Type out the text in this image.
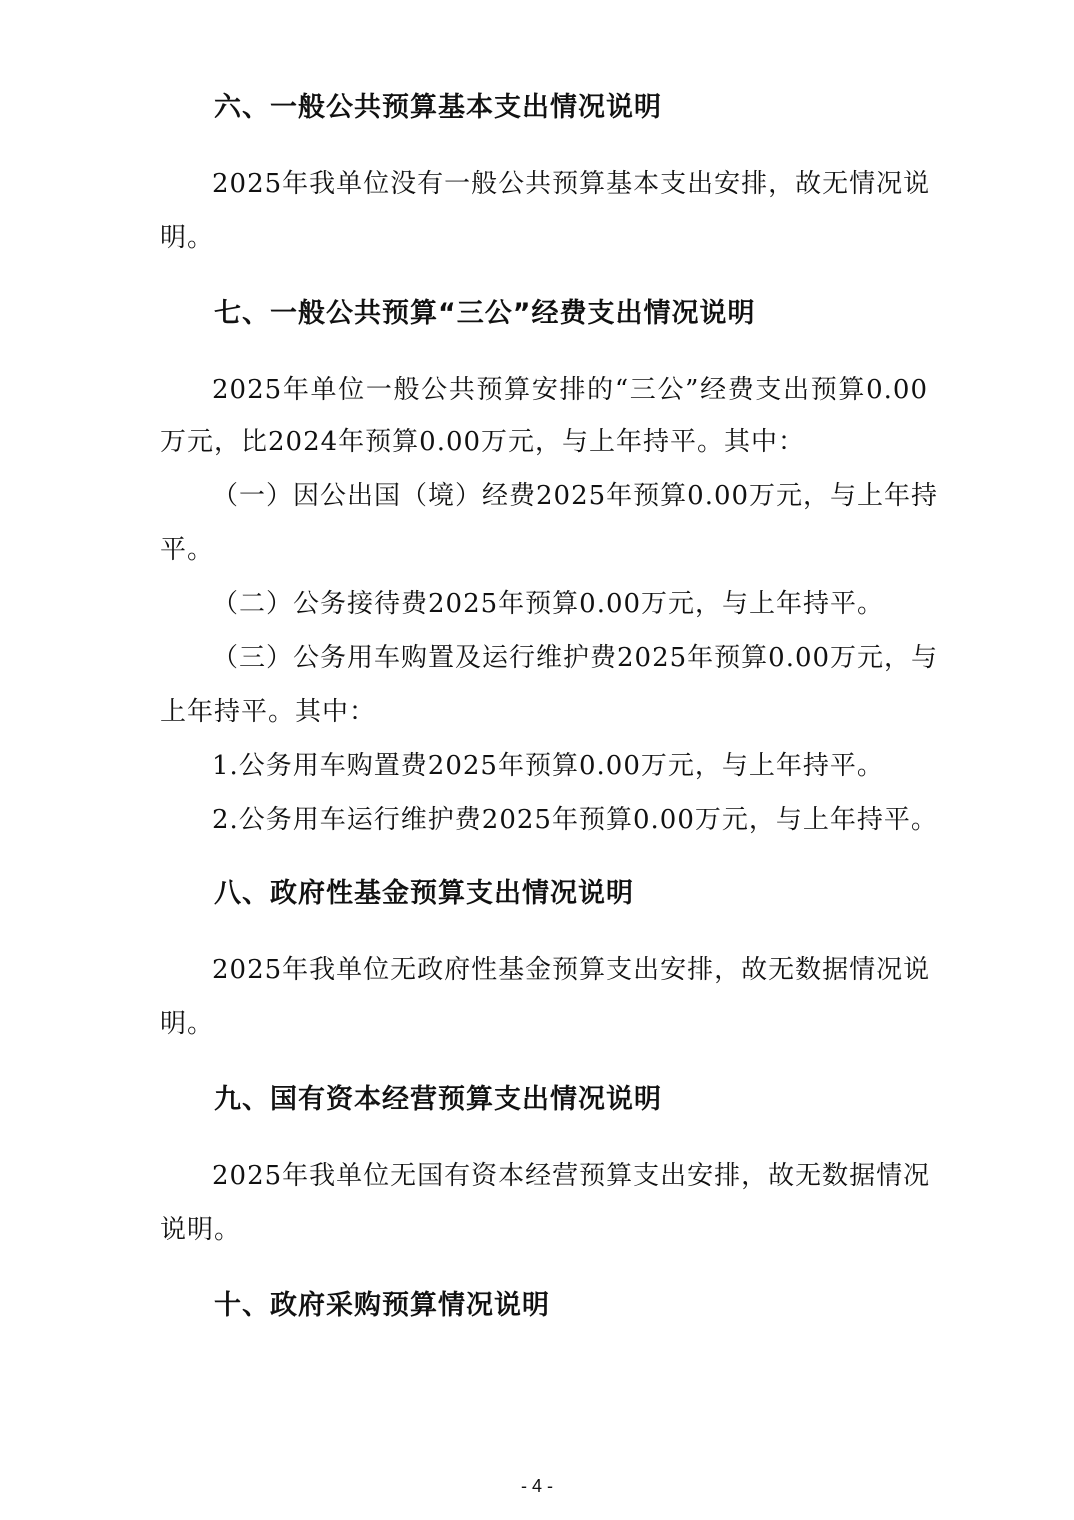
六、一般公共预算基本支出情况说明
2025年我单位没有一般公共预算基本支出安排，故无情况说
明。
七、一般公共预算“三公”经费支出情况说明
2025年单位一般公共预算安排的“三公”经费支出预算0.00
万元，比2024年预算0.00万元，与上年持平。其中：
（一）因公出国（境）经费2025年预算0.00万元，与上年持
平。
（二）公务接待费2025年预算0.00万元，与上年持平。
（三）公务用车购置及运行维护费2025年预算0.00万元，与
上年持平。其中：
1.公务用车购置费2025年预算0.00万元，与上年持平。
2.公务用车运行维护费2025年预算0.00万元，与上年持平。
八、政府性基金预算支出情况说明
2025年我单位无政府性基金预算支出安排，故无数据情况说
明。
九、国有资本经营预算支出情况说明
2025年我单位无国有资本经营预算支出安排，故无数据情况
说明。
十、政府采购预算情况说明
- 4 -
